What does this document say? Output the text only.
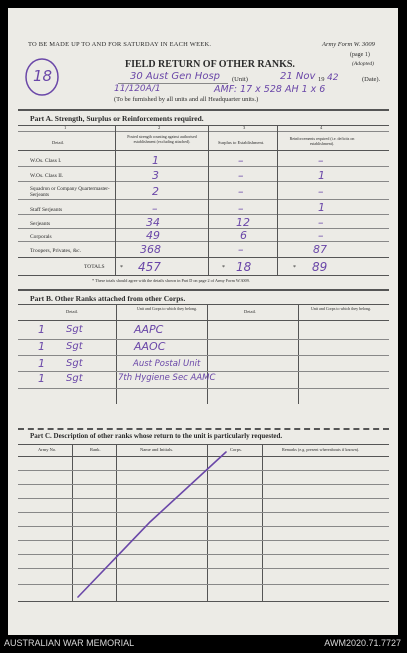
TO BE MADE UP TO AND FOR SATURDAY IN EACH WEEK.	Army Form W. 3009
(page 1)
(Adopted)
18
FIELD RETURN OF OTHER RANKS.
30 Aust Gen Hosp (Unit)	21 Nov 19 42	(Date).
11/120A/1	AMF: 17 x 528 AH 1 x 6
(To be furnished by all units and all Headquarter units.)
Part A. Strength, Surplus or Reinforcements required.
1	2	3	4
Detail.
Posted strength counting against authorised establishment (excluding attached).	Surplus to Establishment.
Reinforcements required (i.e. deficits on establishment).
W.Os. Class I.	1	–	–
W.Os. Class II.	3	–	1
Squadron or Company Quartermaster-Serjeants	2	–	–
Staff Serjeants	–	–	1
Serjeants	34	12	–
Corporals	49	6	–
Troopers, Privates, &c.	368	–	87
TOTALS	* 457	* 18	* 89
* These totals should agree with the details shown in Part D on page 2 of Army Form W.3009.
Part B. Other Ranks attached from other Corps.
Detail.
Unit and Corps to which they belong.
Detail.
Unit and Corps to which they belong.
1 Sgt	AAPC
1 Sgt	AAOC
1 Sgt	Aust Postal Unit
1 Sgt	7th Hygiene Sec AAMC
Part C. Description of other ranks whose return to the unit is particularly requested.
Army No.	Rank.	Name and Initials.	Corps.	Remarks (e.g. present whereabouts if known).
AUSTRALIAN WAR MEMORIAL	AWM2020.71.7727
